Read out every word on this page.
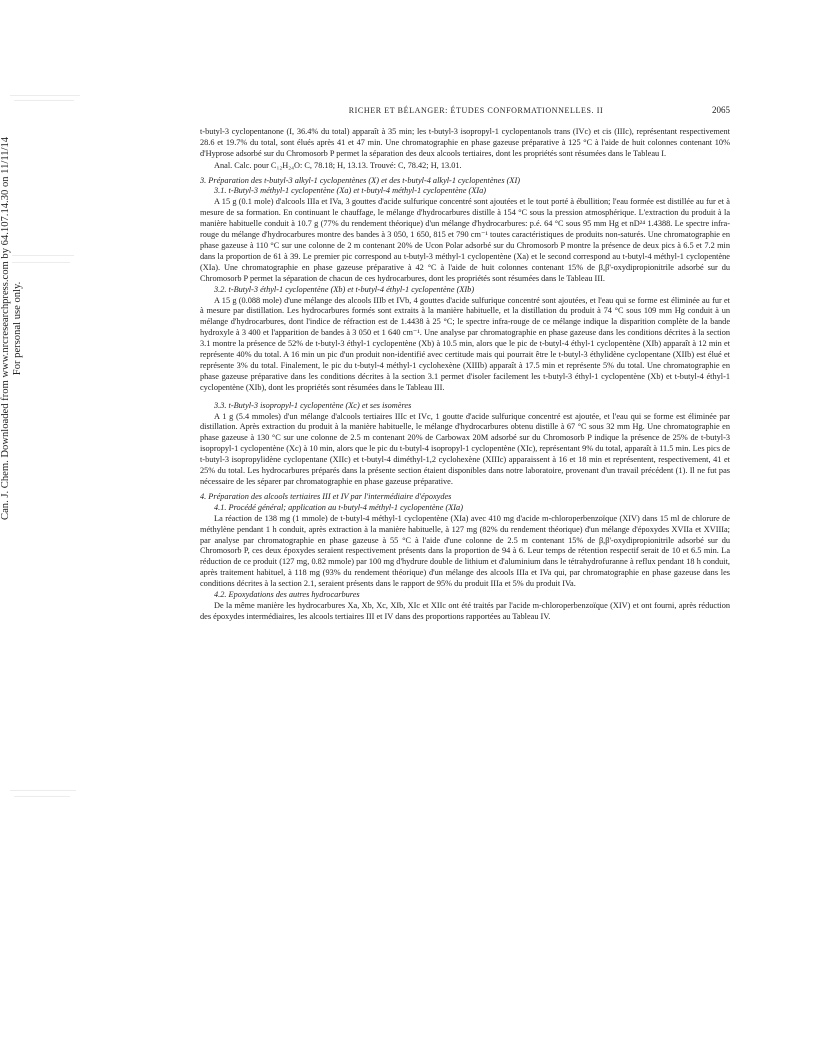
Can. J. Chem. Downloaded from www.nrcresearchpress.com by 64.107.14.30 on 11/11/14 For personal use only.
RICHER ET BÉLANGER: ÉTUDES CONFORMATIONNELLES. II	2065

t-butyl-3 cyclopentanone (I, 36.4% du total) apparaît à 35 min; les t-butyl-3 isopropyl-1 cyclopentanols trans (IVc) et cis (IIIc), représentant respectivement 28.6 et 19.7% du total, sont élués après 41 et 47 min. Une chromatographie en phase gazeuse préparative à 125 °C à l'aide de huit colonnes contenant 10% d'Hyprose adsorbé sur du Chromosorb P permet la séparation des deux alcools tertiaires, dont les propriétés sont résumées dans le Tableau I.

Anal. Calc. pour C₁₂H₂₄O: C, 78.18; H, 13.13. Trouvé: C, 78.42; H, 13.01.

3. Préparation des t-butyl-3 alkyl-1 cyclopentènes (X) et des t-butyl-4 alkyl-1 cyclopentènes (XI)

3.1. t-Butyl-3 méthyl-1 cyclopentène (Xa) et t-butyl-4 méthyl-1 cyclopentène (XIa)

A 15 g (0.1 mole) d'alcools IIIa et IVa, 3 gouttes d'acide sulfurique concentré sont ajoutées et le tout porté à ébullition; l'eau formée est distillée au fur et à mesure de sa formation. En continuant le chauffage, le mélange d'hydrocarbures distille à 154 °C sous la pression atmosphérique. L'extraction du produit à la manière habituelle conduit à 10.7 g (77% du rendement théorique) d'un mélange d'hydrocarbures: p.é. 64 °C sous 95 mm Hg et nD²⁴ 1.4388. Le spectre infra-rouge du mélange d'hydrocarbures montre des bandes à 3 050, 1 650, 815 et 790 cm⁻¹ toutes caractéristiques de produits non-saturés. Une chromatographie en phase gazeuse à 110 °C sur une colonne de 2 m contenant 20% de Ucon Polar adsorbé sur du Chromosorb P montre la présence de deux pics à 6.5 et 7.2 min dans la proportion de 61 à 39. Le premier pic correspond au t-butyl-3 méthyl-1 cyclopentène (Xa) et le second correspond au t-butyl-4 méthyl-1 cyclopentène (XIa). Une chromatographie en phase gazeuse préparative à 42 °C à l'aide de huit colonnes contenant 15% de β,β'-oxydipropionitrile adsorbé sur du Chromosorb P permet la séparation de chacun de ces hydrocarbures, dont les propriétés sont résumées dans le Tableau III.

3.2. t-Butyl-3 éthyl-1 cyclopentène (Xb) et t-butyl-4 éthyl-1 cyclopentène (XIb)

A 15 g (0.088 mole) d'une mélange des alcools IIIb et IVb, 4 gouttes d'acide sulfurique concentré sont ajoutées, et l'eau qui se forme est éliminée au fur et à mesure par distillation. Les hydrocarbures formés sont extraits à la manière habituelle, et la distillation du produit à 74 °C sous 109 mm Hg conduit à un mélange d'hydrocarbures, dont l'indice de réfraction est de 1.4438 à 25 °C; le spectre infra-rouge de ce mélange indique la disparition complète de la bande hydroxyle à 3 400 et l'apparition de bandes à 3 050 et 1 640 cm⁻¹. Une analyse par chromatographie en phase gazeuse dans les conditions décrites à la section 3.1 montre la présence de 52% de t-butyl-3 éthyl-1 cyclopentène (Xb) à 10.5 min, alors que le pic de t-butyl-4 éthyl-1 cyclopentène (XIb) apparaît à 12 min et représente 40% du total. A 16 min un pic d'un produit non-identifié avec certitude mais qui pourrait être le t-butyl-3 éthylidène cyclopentane (XIIb) est élué et représente 3% du total. Finalement, le pic du t-butyl-4 méthyl-1 cyclohexène (XIIIb) apparaît à 17.5 min et représente 5% du total. Une chromatographie en phase gazeuse préparative dans les conditions décrites à la section 3.1 permet d'isoler facilement les t-butyl-3 éthyl-1 cyclopentène (Xb) et t-butyl-4 éthyl-1 cyclopentène (XIb), dont les propriétés sont résumées dans le Tableau III.

3.3. t-Butyl-3 isopropyl-1 cyclopentène (Xc) et ses isomères

A 1 g (5.4 mmoles) d'un mélange d'alcools tertiaires IIIc et IVc, 1 goutte d'acide sulfurique concentré est ajoutée, et l'eau qui se forme est éliminée par distillation. Après extraction du produit à la manière habituelle, le mélange d'hydrocarbures obtenu distille à 67 °C sous 32 mm Hg. Une chromatographie en phase gazeuse à 130 °C sur une colonne de 2.5 m contenant 20% de Carbowax 20M adsorbé sur du Chromosorb P indique la présence de 25% de t-butyl-3 isopropyl-1 cyclopentène (Xc) à 10 min, alors que le pic du t-butyl-4 isopropyl-1 cyclopentène (XIc), représentant 9% du total, apparaît à 11.5 min. Les pics de t-butyl-3 isopropylidène cyclopentane (XIIc) et t-butyl-4 diméthyl-1,2 cyclohexène (XIIIc) apparaissent à 16 et 18 min et représentent, respectivement, 41 et 25% du total. Les hydrocarbures préparés dans la présente section étaient disponibles dans notre laboratoire, provenant d'un travail précédent (1). Il ne fut pas nécessaire de les séparer par chromatographie en phase gazeuse préparative.

4. Préparation des alcools tertiaires III et IV par l'intermédiaire d'époxydes

4.1. Procédé général; application au t-butyl-4 méthyl-1 cyclopentène (XIa)

La réaction de 138 mg (1 mmole) de t-butyl-4 méthyl-1 cyclopentène (XIa) avec 410 mg d'acide m-chloroperbenzoïque (XIV) dans 15 ml de chlorure de méthylène pendant 1 h conduit, après extraction à la manière habituelle, à 127 mg (82% du rendement théorique) d'un mélange d'époxydes XVIIa et XVIIIa; par analyse par chromatographie en phase gazeuse à 55 °C à l'aide d'une colonne de 2.5 m contenant 15% de β,β'-oxydipropionitrile adsorbé sur du Chromosorb P, ces deux époxydes seraient respectivement présents dans la proportion de 94 à 6. Leur temps de rétention respectif serait de 10 et 6.5 min. La réduction de ce produit (127 mg, 0.82 mmole) par 100 mg d'hydrure double de lithium et d'aluminium dans le tétrahydrofuranne à reflux pendant 18 h conduit, après traitement habituel, à 118 mg (93% du rendement théorique) d'un mélange des alcools IIIa et IVa qui, par chromatographie en phase gazeuse dans les conditions décrites à la section 2.1, seraient présents dans le rapport de 95% du produit IIIa et 5% du produit IVa.

4.2. Epoxydations des autres hydrocarbures

De la même manière les hydrocarbures Xa, Xb, Xc, XIb, XIc et XIIc ont été traités par l'acide m-chloroperbenzoïque (XIV) et ont fourni, après réduction des époxydes intermédiaires, les alcools tertiaires III et IV dans des proportions rapportées au Tableau IV.
